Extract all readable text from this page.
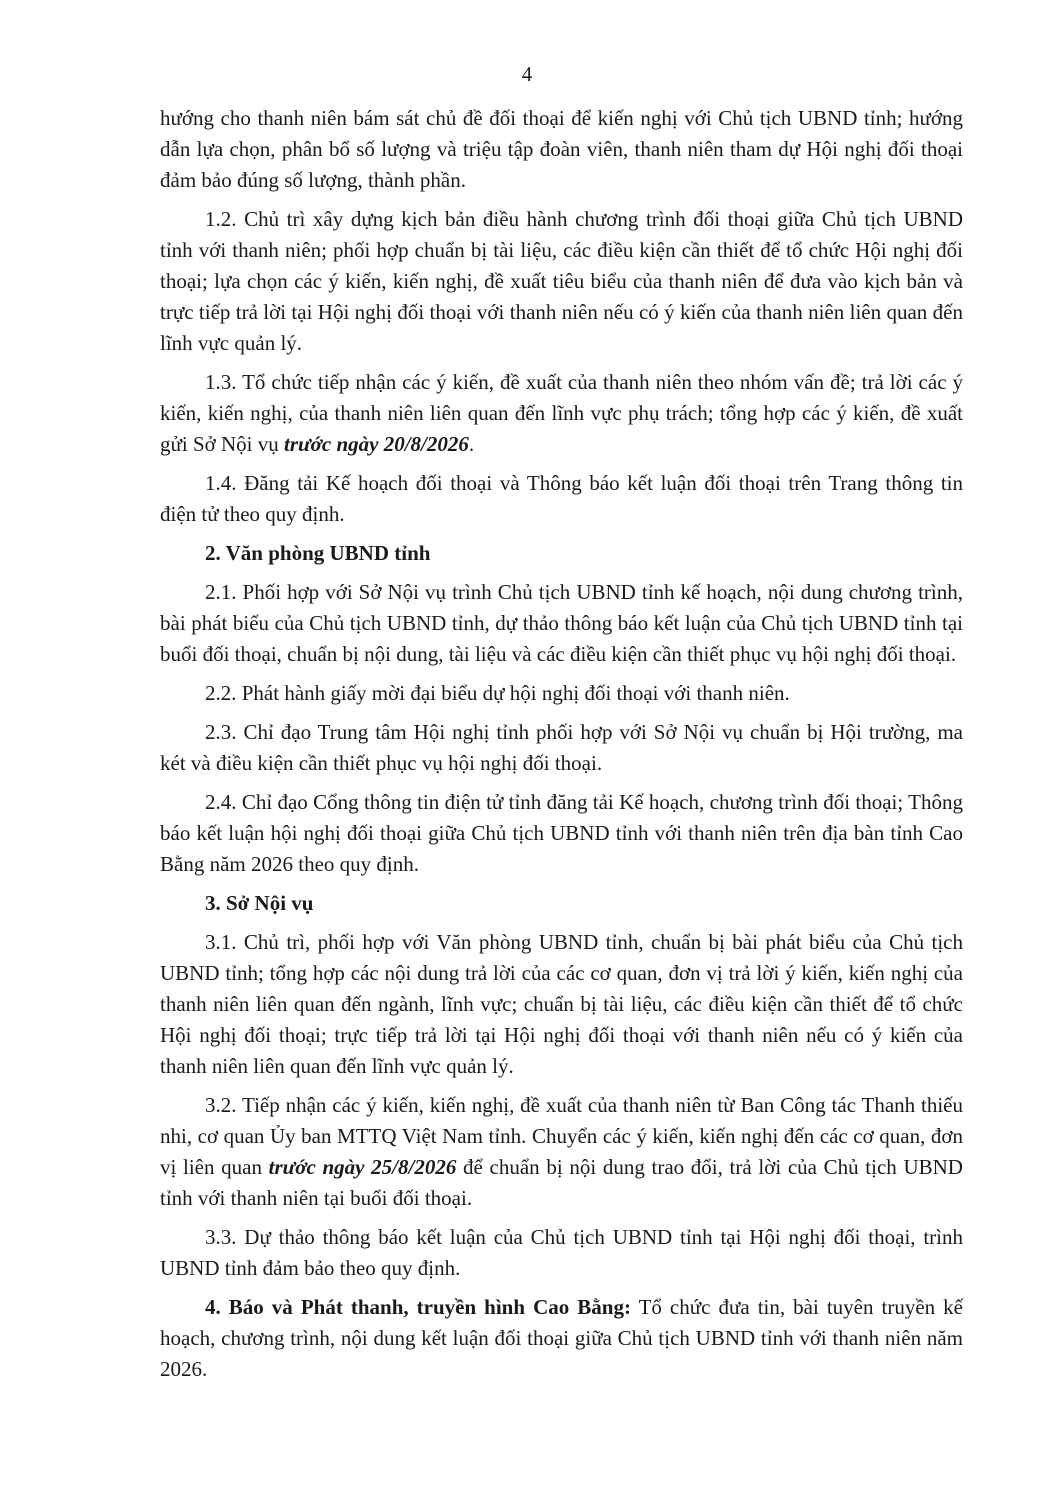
4

hướng cho thanh niên bám sát chủ đề đối thoại để kiến nghị với Chủ tịch UBND tỉnh; hướng dẫn lựa chọn, phân bổ số lượng và triệu tập đoàn viên, thanh niên tham dự Hội nghị đối thoại đảm bảo đúng số lượng, thành phần.

1.2. Chủ trì xây dựng kịch bản điều hành chương trình đối thoại giữa Chủ tịch UBND tỉnh với thanh niên; phối hợp chuẩn bị tài liệu, các điều kiện cần thiết để tổ chức Hội nghị đối thoại; lựa chọn các ý kiến, kiến nghị, đề xuất tiêu biểu của thanh niên để đưa vào kịch bản và trực tiếp trả lời tại Hội nghị đối thoại với thanh niên nếu có ý kiến của thanh niên liên quan đến lĩnh vực quản lý.

1.3. Tổ chức tiếp nhận các ý kiến, đề xuất của thanh niên theo nhóm vấn đề; trả lời các ý kiến, kiến nghị, của thanh niên liên quan đến lĩnh vực phụ trách; tổng hợp các ý kiến, đề xuất gửi Sở Nội vụ trước ngày 20/8/2026.

1.4. Đăng tải Kế hoạch đối thoại và Thông báo kết luận đối thoại trên Trang thông tin điện tử theo quy định.

2. Văn phòng UBND tỉnh

2.1. Phối hợp với Sở Nội vụ trình Chủ tịch UBND tỉnh kế hoạch, nội dung chương trình, bài phát biểu của Chủ tịch UBND tỉnh, dự thảo thông báo kết luận của Chủ tịch UBND tỉnh tại buổi đối thoại, chuẩn bị nội dung, tài liệu và các điều kiện cần thiết phục vụ hội nghị đối thoại.

2.2. Phát hành giấy mời đại biểu dự hội nghị đối thoại với thanh niên.

2.3. Chỉ đạo Trung tâm Hội nghị tỉnh phối hợp với Sở Nội vụ chuẩn bị Hội trường, ma két và điều kiện cần thiết phục vụ hội nghị đối thoại.

2.4. Chỉ đạo Cổng thông tin điện tử tỉnh đăng tải Kế hoạch, chương trình đối thoại; Thông báo kết luận hội nghị đối thoại giữa Chủ tịch UBND tỉnh với thanh niên trên địa bàn tỉnh Cao Bằng năm 2026 theo quy định.

3. Sở Nội vụ

3.1. Chủ trì, phối hợp với Văn phòng UBND tỉnh, chuẩn bị bài phát biểu của Chủ tịch UBND tỉnh; tổng hợp các nội dung trả lời của các cơ quan, đơn vị trả lời ý kiến, kiến nghị của thanh niên liên quan đến ngành, lĩnh vực; chuẩn bị tài liệu, các điều kiện cần thiết để tổ chức Hội nghị đối thoại; trực tiếp trả lời tại Hội nghị đối thoại với thanh niên nếu có ý kiến của thanh niên liên quan đến lĩnh vực quản lý.

3.2. Tiếp nhận các ý kiến, kiến nghị, đề xuất của thanh niên từ Ban Công tác Thanh thiếu nhi, cơ quan Ủy ban MTTQ Việt Nam tỉnh. Chuyển các ý kiến, kiến nghị đến các cơ quan, đơn vị liên quan trước ngày 25/8/2026 để chuẩn bị nội dung trao đổi, trả lời của Chủ tịch UBND tỉnh với thanh niên tại buổi đối thoại.

3.3. Dự thảo thông báo kết luận của Chủ tịch UBND tỉnh tại Hội nghị đối thoại, trình UBND tỉnh đảm bảo theo quy định.

4. Báo và Phát thanh, truyền hình Cao Bằng: Tổ chức đưa tin, bài tuyên truyền kế hoạch, chương trình, nội dung kết luận đối thoại giữa Chủ tịch UBND tỉnh với thanh niên năm 2026.
